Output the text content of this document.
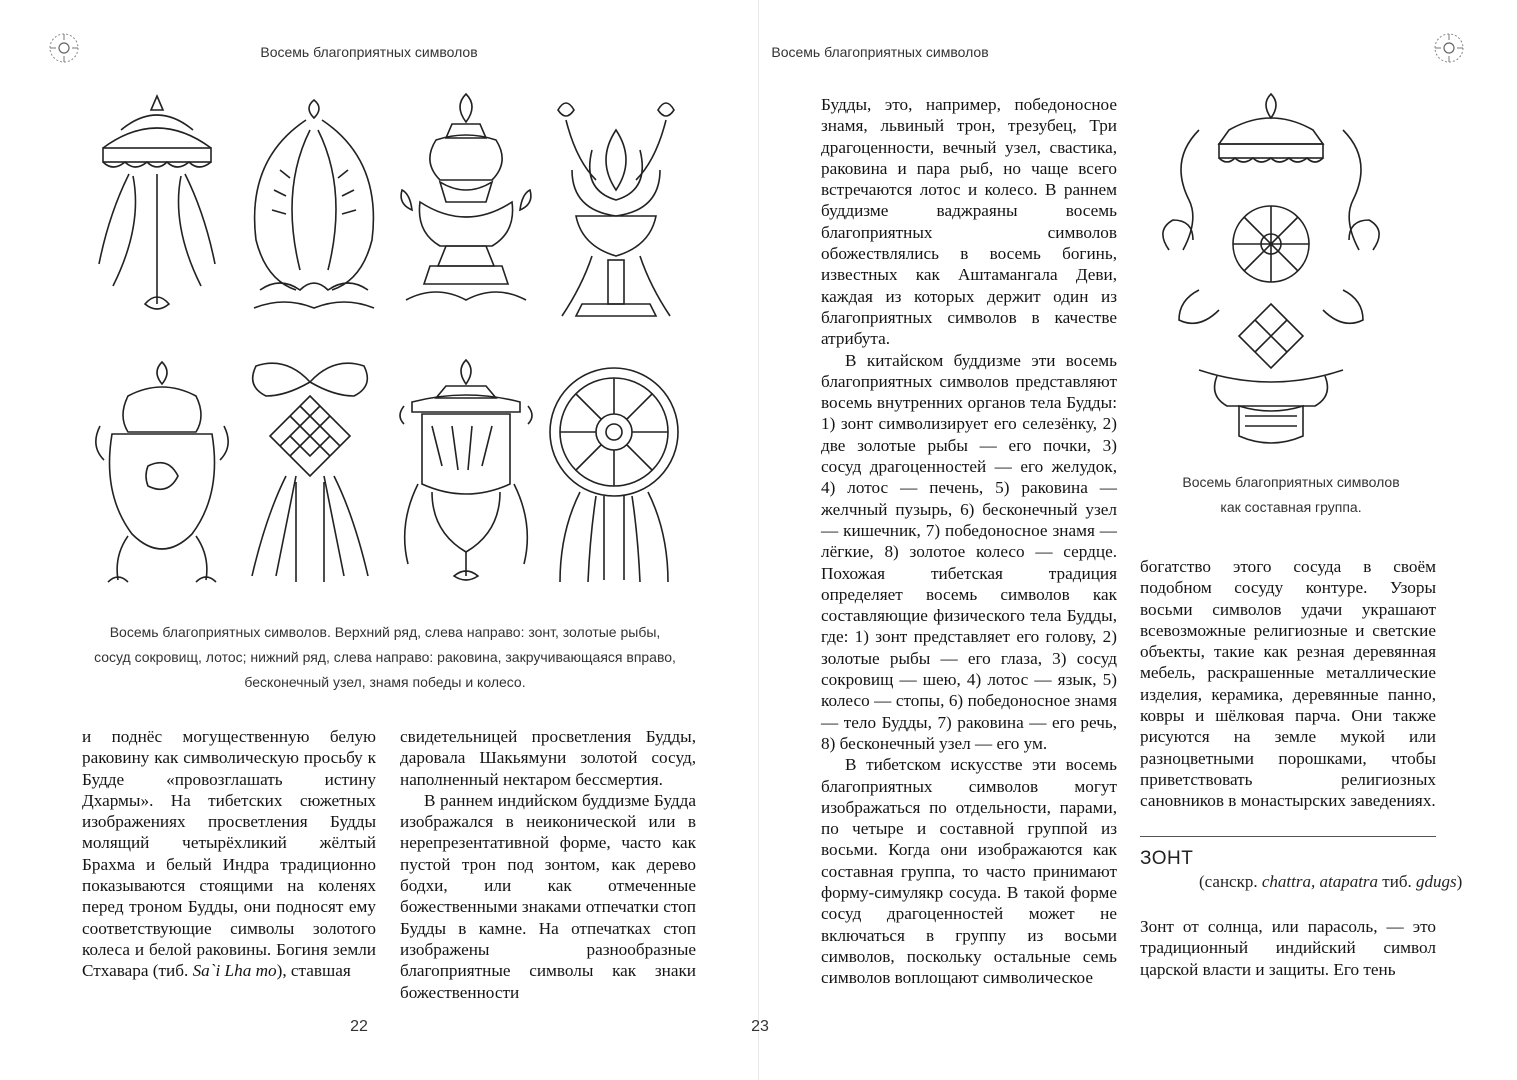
Восемь благоприятных символов
Восемь благоприятных символов. Верхний ряд, слева направо: зонт, золотые рыбы,
сосуд сокровищ, лотос; нижний ряд, слева направо: раковина, закручивающаяся вправо,
бесконечный узел, знамя победы и колесо.

и поднёс могущественную белую раковину как символическую просьбу к Будде «провозглашать истину Дхармы». На тибетских сюжетных изображениях просветления Будды молящий четырёхликий жёлтый Брахма и белый Индра традиционно показываются стоящими на коленях перед троном Будды, они подносят ему соответствующие символы золотого колеса и белой раковины. Богиня земли Стхавара (тиб. Sa`i Lha mo), ставшая

свидетельницей просветления Будды, даровала Шакьямуни золотой сосуд, наполненный нектаром бессмертия.

В раннем индийском буддизме Будда изображался в неиконической или в нерепрезентативной форме, часто как пустой трон под зонтом, как дерево бодхи, или как отмеченные божественными знаками отпечатки стоп Будды в камне. На отпечатках стоп изображены разнообразные благоприятные символы как знаки божественности

22
Восемь благоприятных символов

Будды, это, например, победоносное знамя, львиный трон, трезубец, Три драгоценности, вечный узел, свастика, раковина и пара рыб, но чаще всего встречаются лотос и колесо. В раннем буддизме ваджраяны восемь благоприятных символов обожествлялись в восемь богинь, известных как Аштамангала Деви, каждая из которых держит один из благоприятных символов в качестве атрибута.

В китайском буддизме эти восемь благоприятных символов представляют восемь внутренних органов тела Будды: 1) зонт символизирует его селезёнку, 2) две золотые рыбы — его почки, 3) сосуд драгоценностей — его желудок, 4) лотос — печень, 5) раковина — желчный пузырь, 6) бесконечный узел — кишечник, 7) победоносное знамя — лёгкие, 8) золотое колесо — сердце. Похожая тибетская традиция определяет восемь символов как составляющие физического тела Будды, где: 1) зонт представляет его голову, 2) золотые рыбы — его глаза, 3) сосуд сокровищ — шею, 4) лотос — язык, 5) колесо — стопы, 6) победоносное знамя — тело Будды, 7) раковина — его речь, 8) бесконечный узел — его ум.

В тибетском искусстве эти восемь благоприятных символов могут изображаться по отдельности, парами, по четыре и составной группой из восьми. Когда они изображаются как составная группа, то часто принимают форму-симулякр сосуда. В такой форме сосуд драгоценностей может не включаться в группу из восьми символов, поскольку остальные семь символов воплощают символическое

Восемь благоприятных символов
как составная группа.

богатство этого сосуда в своём подобном сосуду контуре. Узоры восьми символов удачи украшают всевозможные религиозные и светские объекты, такие как резная деревянная мебель, раскрашенные металлические изделия, керамика, деревянные панно, ковры и шёлковая парча. Они также рисуются на земле мукой или разноцветными порошками, чтобы приветствовать религиозных сановников в монастырских заведениях.

ЗОНТ
(санскр. chattra, atapatra тиб. gdugs)

Зонт от солнца, или парасоль, — это традиционный индийский символ царской власти и защиты. Его тень

23
